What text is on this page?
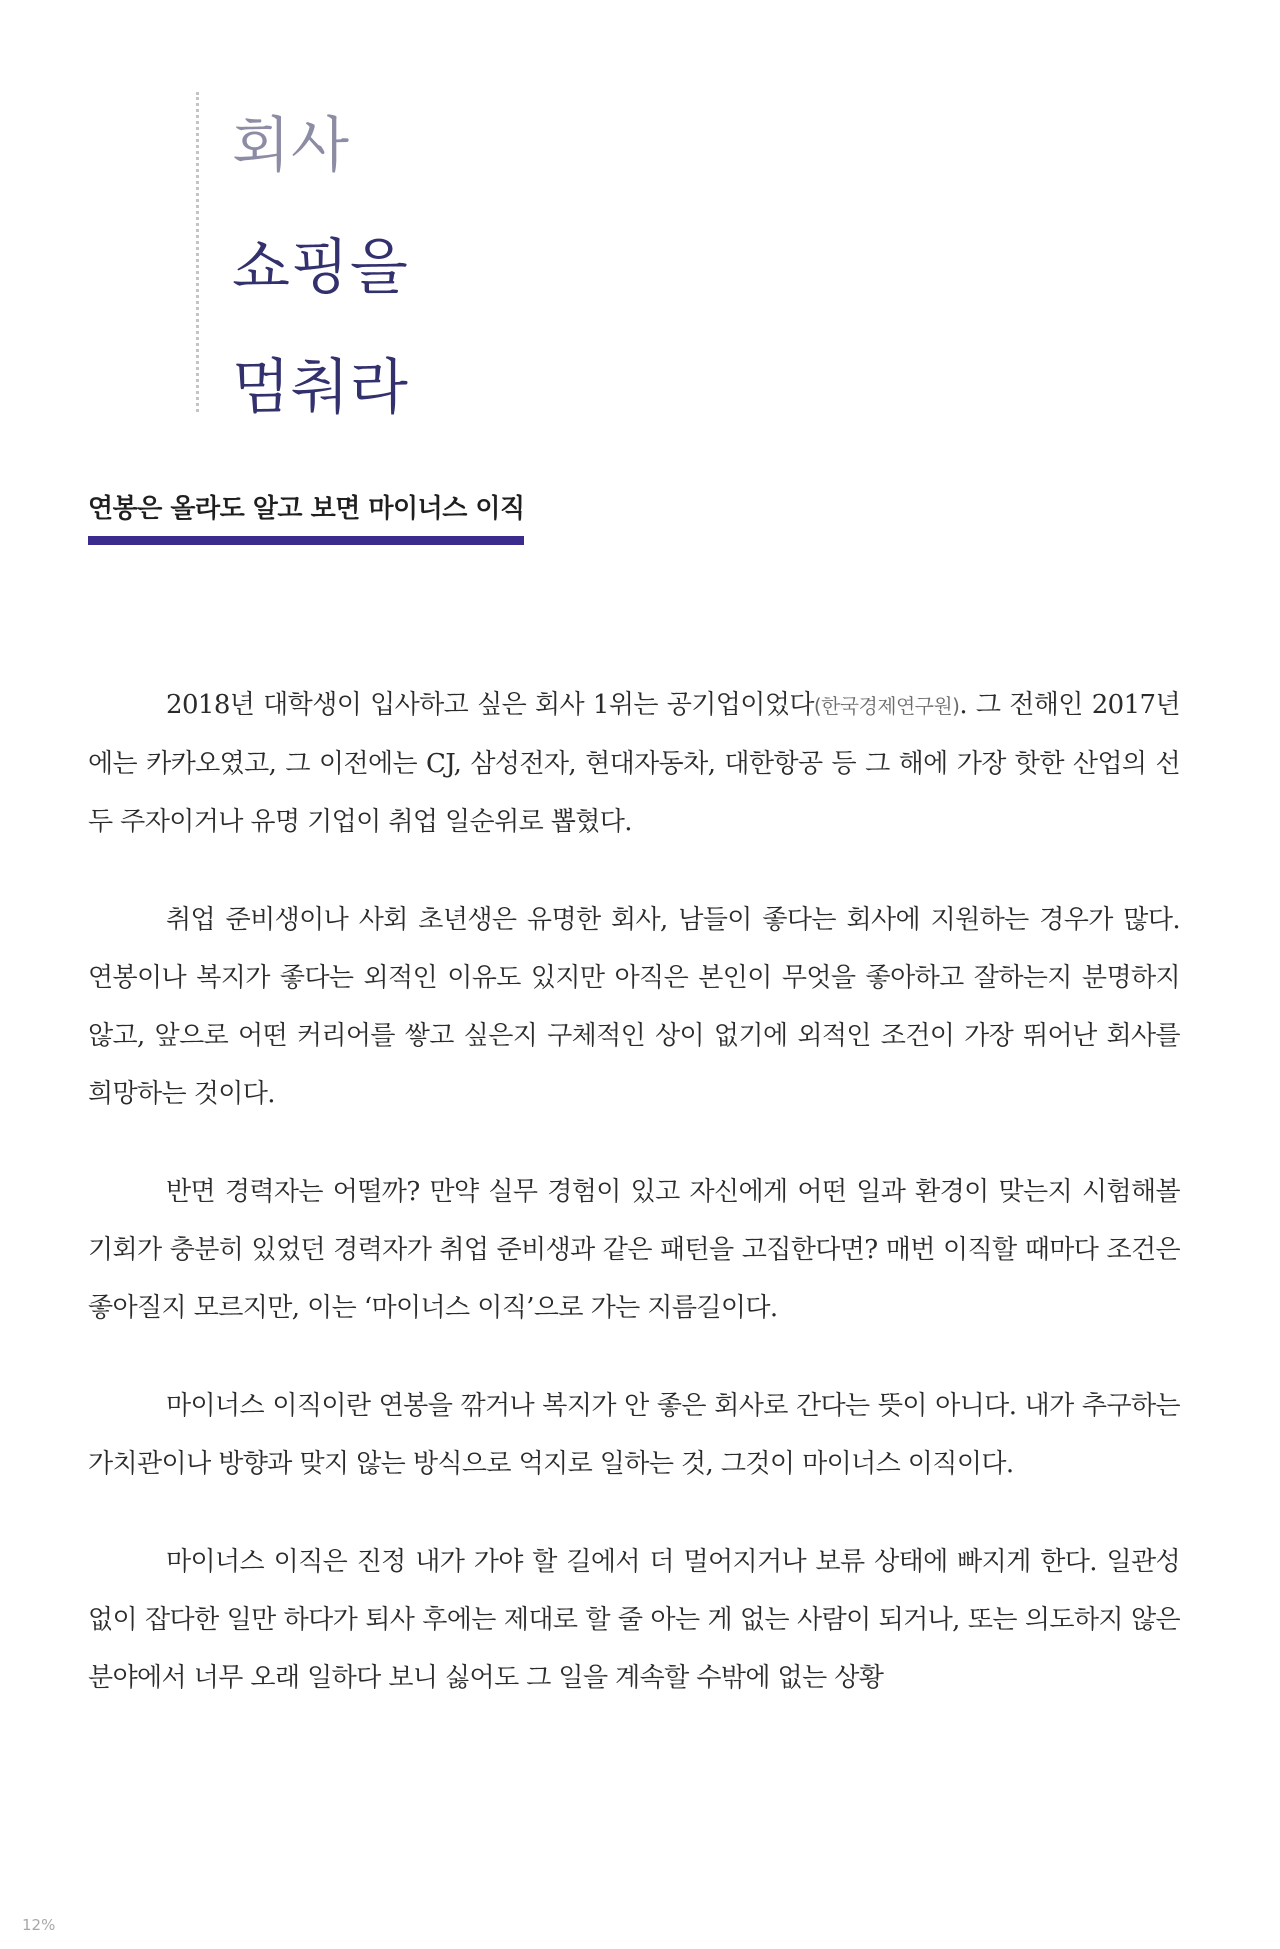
회사
쇼핑을
멈춰라
연봉은 올라도 알고 보면 마이너스 이직

2018년 대학생이 입사하고 싶은 회사 1위는 공기업이었다(한국경제연구원). 그 전해인 2017년에는 카카오였고, 그 이전에는 CJ, 삼성전자, 현대자동차, 대한항공 등 그 해에 가장 핫한 산업의 선두 주자이거나 유명 기업이 취업 일순위로 뽑혔다.

취업 준비생이나 사회 초년생은 유명한 회사, 남들이 좋다는 회사에 지원하는 경우가 많다. 연봉이나 복지가 좋다는 외적인 이유도 있지만 아직은 본인이 무엇을 좋아하고 잘하는지 분명하지 않고, 앞으로 어떤 커리어를 쌓고 싶은지 구체적인 상이 없기에 외적인 조건이 가장 뛰어난 회사를 희망하는 것이다.

반면 경력자는 어떨까? 만약 실무 경험이 있고 자신에게 어떤 일과 환경이 맞는지 시험해볼 기회가 충분히 있었던 경력자가 취업 준비생과 같은 패턴을 고집한다면? 매번 이직할 때마다 조건은 좋아질지 모르지만, 이는 ‘마이너스 이직’으로 가는 지름길이다.

마이너스 이직이란 연봉을 깎거나 복지가 안 좋은 회사로 간다는 뜻이 아니다. 내가 추구하는 가치관이나 방향과 맞지 않는 방식으로 억지로 일하는 것, 그것이 마이너스 이직이다.

마이너스 이직은 진정 내가 가야 할 길에서 더 멀어지거나 보류 상태에 빠지게 한다. 일관성 없이 잡다한 일만 하다가 퇴사 후에는 제대로 할 줄 아는 게 없는 사람이 되거나, 또는 의도하지 않은 분야에서 너무 오래 일하다 보니 싫어도 그 일을 계속할 수밖에 없는 상황

12%
